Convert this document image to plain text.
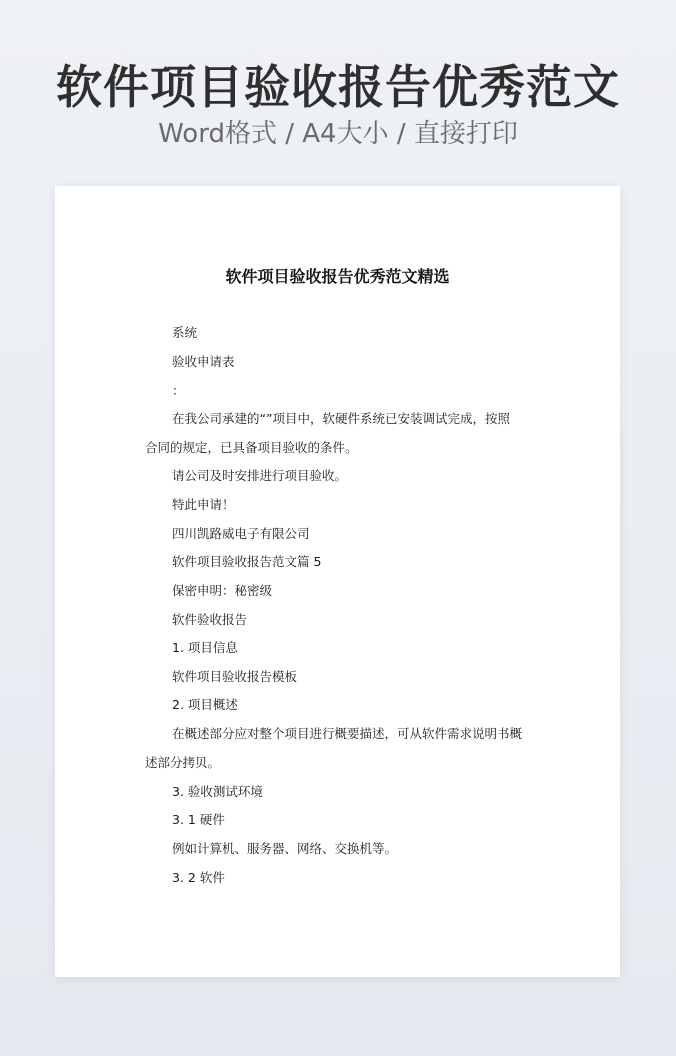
软件项目验收报告优秀范文
Word格式 / A4大小 / 直接打印
软件项目验收报告优秀范文精选
系统
验收申请表
：
在我公司承建的“”项目中，软硬件系统已安装调试完成，按照
合同的规定，已具备项目验收的条件。
请公司及时安排进行项目验收。
特此申请！
四川凯路威电子有限公司
软件项目验收报告范文篇 5
保密申明：秘密级
软件验收报告
1. 项目信息
软件项目验收报告模板
2. 项目概述
在概述部分应对整个项目进行概要描述，可从软件需求说明书概
述部分拷贝。
3. 验收测试环境
3. 1 硬件
例如计算机、服务器、网络、交换机等。
3. 2 软件
